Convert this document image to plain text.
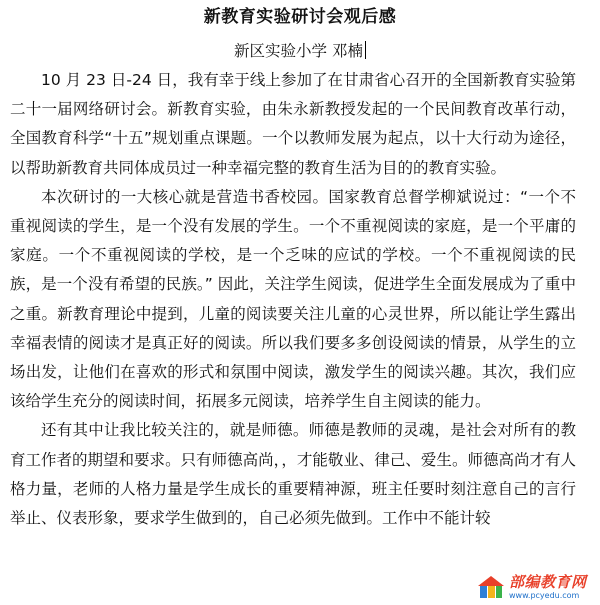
新教育实验研讨会观后感
新区实验小学 邓楠

10 月 23 日-24 日，我有幸于线上参加了在甘肃省心召开的全国新教育实验第二十一届网络研讨会。新教育实验，由朱永新教授发起的一个民间教育改革行动，全国教育科学“十五”规划重点课题。一个以教师发展为起点，以十大行动为途径，以帮助新教育共同体成员过一种幸福完整的教育生活为目的的教育实验。

本次研讨的一大核心就是营造书香校园。国家教育总督学柳斌说过：“一个不重视阅读的学生，是一个没有发展的学生。一个不重视阅读的家庭，是一个平庸的家庭。一个不重视阅读的学校，是一个乏味的应试的学校。一个不重视阅读的民族，是一个没有希望的民族。” 因此，关注学生阅读，促进学生全面发展成为了重中之重。新教育理论中提到，儿童的阅读要关注儿童的心灵世界，所以能让学生露出幸福表情的阅读才是真正好的阅读。所以我们要多多创设阅读的情景，从学生的立场出发，让他们在喜欢的形式和氛围中阅读，激发学生的阅读兴趣。其次，我们应该给学生充分的阅读时间，拓展多元阅读，培养学生自主阅读的能力。

还有其中让我比较关注的，就是师德。师德是教师的灵魂，是社会对所有的教育工作者的期望和要求。只有师德高尚，，才能敬业、律己、爱生。师德高尚才有人格力量，老师的人格力量是学生成长的重要精神源，班主任要时刻注意自己的言行举止、仪表形象，要求学生做到的，自己必须先做到。工作中不能计较

部编教育网
www.pcyedu.com
